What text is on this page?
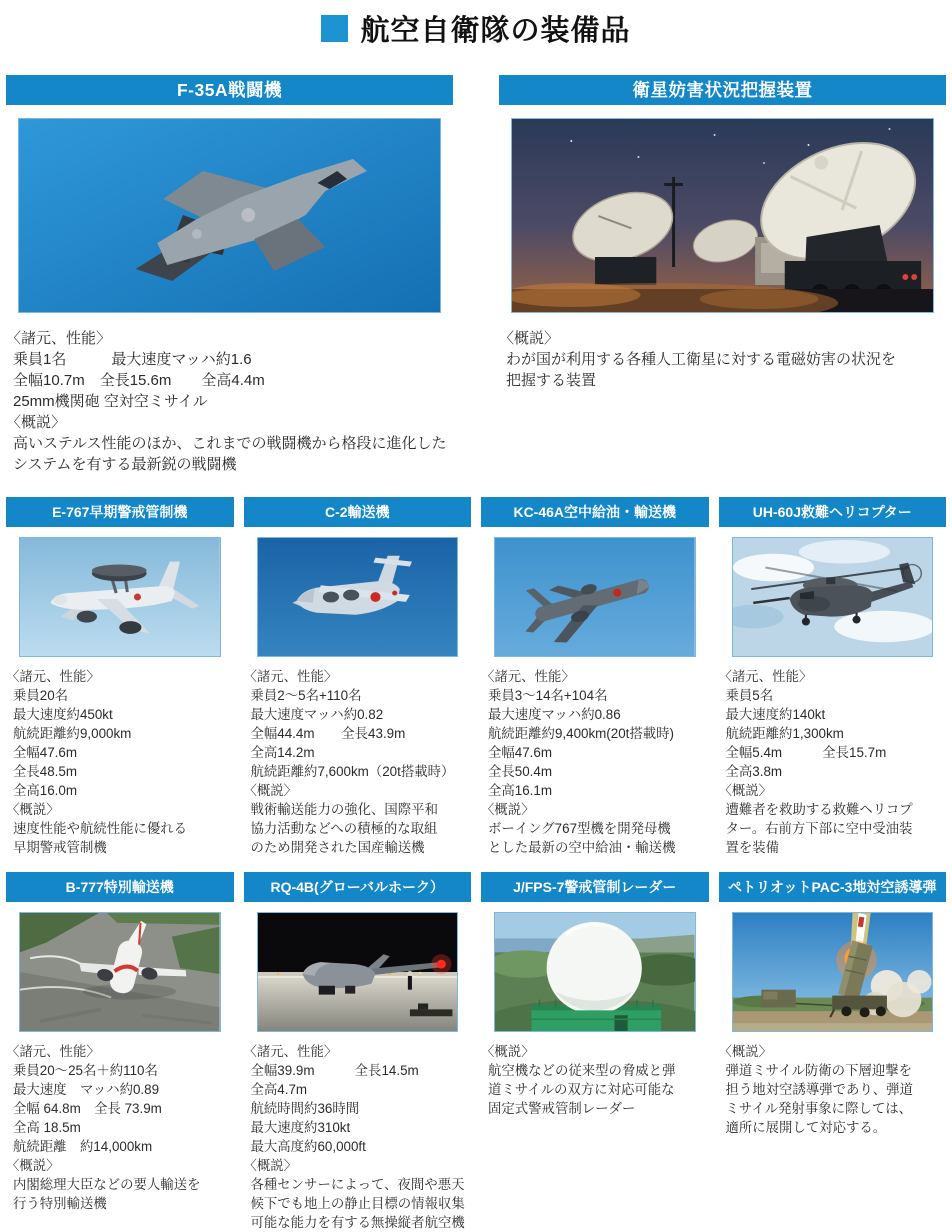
航空自衛隊の装備品
F-35A戦闘機
〈諸元、性能〉
乗員1名　　　最大速度マッハ約1.6
全幅10.7m　全長15.6m　　全高4.4m
25mm機関砲 空対空ミサイル
〈概説〉
高いステルス性能のほか、これまでの戦闘機から格段に進化した
システムを有する最新鋭の戦闘機
衛星妨害状況把握装置
〈概説〉
わが国が利用する各種人工衛星に対する電磁妨害の状況を
把握する装置
E-767早期警戒管制機
〈諸元、性能〉
乗員20名
最大速度約450kt
航続距離約9,000km
全幅47.6m
全長48.5m
全高16.0m
〈概説〉
速度性能や航続性能に優れる
早期警戒管制機
C-2輸送機
〈諸元、性能〉
乗員2～5名+110名
最大速度マッハ約0.82
全幅44.4m　　全長43.9m
全高14.2m
航続距離約7,600km（20t搭載時）
〈概説〉
戦術輸送能力の強化、国際平和
協力活動などへの積極的な取組
のため開発された国産輸送機
KC-46A空中給油・輸送機
〈諸元、性能〉
乗員3～14名+104名
最大速度マッハ約0.86
航続距離約9,400km(20t搭載時)
全幅47.6m
全長50.4m
全高16.1m
〈概説〉
ボーイング767型機を開発母機
とした最新の空中給油・輸送機
UH-60J救難ヘリコプター
〈諸元、性能〉
乗員5名
最大速度約140kt
航続距離約1,300km
全幅5.4m　　　全長15.7m
全高3.8m
〈概説〉
遭難者を救助する救難ヘリコプ
ター。右前方下部に空中受油装
置を装備
B-777特別輸送機
〈諸元、性能〉
乗員20～25名＋約110名
最大速度　マッハ約0.89
全幅 64.8m　全長 73.9m
全高 18.5m
航続距離　約14,000km
〈概説〉
内閣総理大臣などの要人輸送を
行う特別輸送機
RQ-4B(グローバルホーク）
〈諸元、性能〉
全幅39.9m　　　全長14.5m
全高4.7m
航続時間約36時間
最大速度約310kt
最大高度約60,000ft
〈概説〉
各種センサーによって、夜間や悪天
候下でも地上の静止目標の情報収集
可能な能力を有する無操縦者航空機
J/FPS-7警戒管制レーダー
〈概説〉
航空機などの従来型の脅威と弾
道ミサイルの双方に対応可能な
固定式警戒管制レーダー
ペトリオットPAC-3地対空誘導弾
〈概説〉
弾道ミサイル防衛の下層迎撃を
担う地対空誘導弾であり、弾道
ミサイル発射事象に際しては、
適所に展開して対応する。
